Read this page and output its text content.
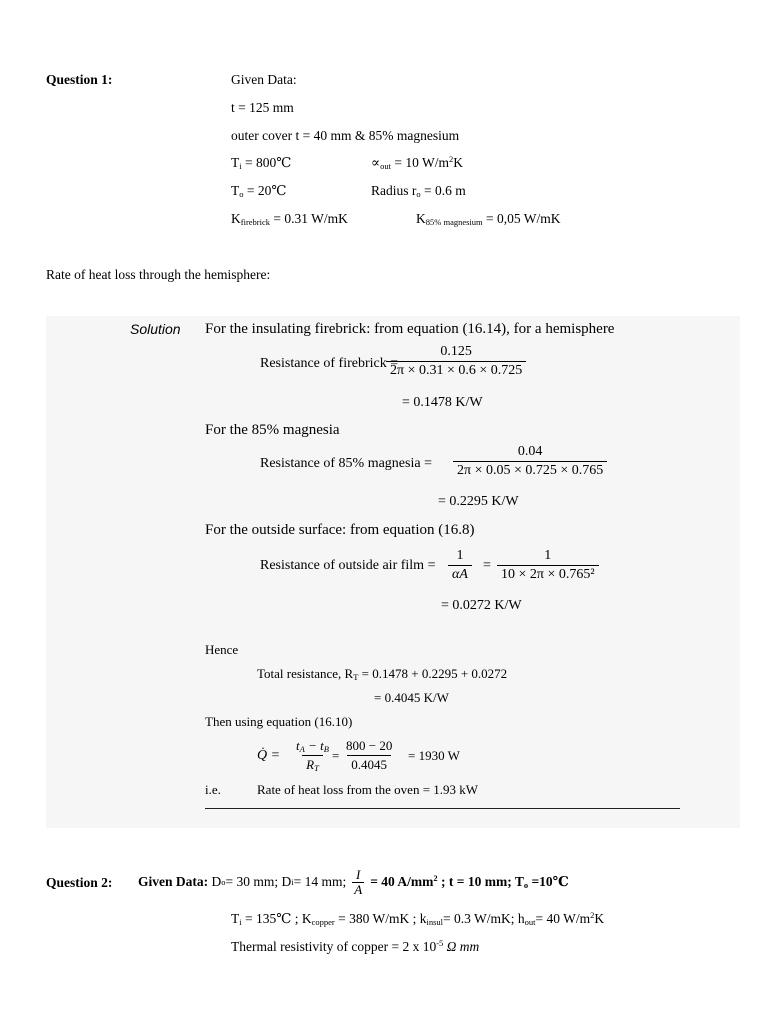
Question 1:	Given Data:
t = 125 mm
outer cover t = 40 mm & 85% magnesium
$T_i$ = 800℃	$\propto_{out} = 10$ $W/m^2K$
$T_o$ = 20℃	Radius $r_o = 0.6$ m
$K_{firebrick} = 0.31$ W/mK	$K_{85\% magnesium} = 0,05$ W/mK
Rate of heat loss through the hemisphere:
Solution For the insulating firebrick: from equation (16.14), for a hemisphere
Resistance of firebrick =
$\frac{0.125}{2\pi \times 0.31 \times 0.6 \times 0.725}$
= 0.1478 K/W
For the 85% magnesia
Resistance of 85% magnesia = $\frac{0.04}{2\pi \times 0.05 \times 0.725 \times 0.765}$
= 0.2295 K/W
For the outside surface: from equation (16.8)
Resistance of outside air film = $\frac{1}{\alpha A} = \frac{1}{\text{10 × 2π × 0.765²}}$
= 0.0272 K/W
Hence
Total resistance, $R_T = 0.1478 + 0.2295 + 0.0272$
= 0.4045 K/W
Then using equation (16.10)
Q̇ = $\frac{t_A - t_B}{R_T} = \frac{800 - 20}{0.4045} = 1930$ W
i.e.	Rate of heat loss from the oven = 1.93 kW
Question 2: Given Data:
D o = 30 mm; D i = 14 mm; $\frac{I}{A} = 40$ $A/mm^2$ ; t = 10 mm; $T_o$ =10℃
$T_i$ = 135℃ ; $K_{copper} = 380$ W/mK ; $k_{insul}= 0.3$ W/mK; $h_{out}= 40$ $W/m^2K$
Thermal resistivity of copper = 2 x $10^{-5}$ Ω mm
